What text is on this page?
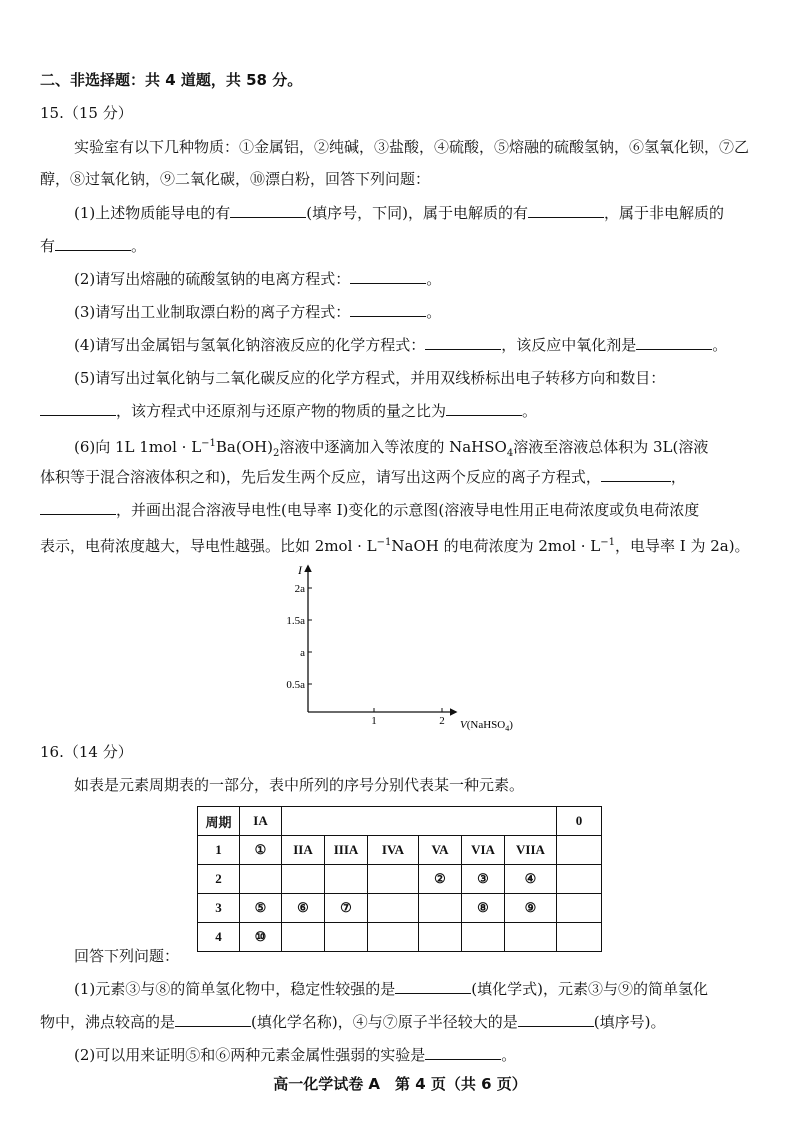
二、非选择题：共 4 道题，共 58 分。
15.（15 分）
实验室有以下几种物质：①金属铝，②纯碱，③盐酸，④硫酸，⑤熔融的硫酸氢钠，⑥氢氧化钡，⑦乙
醇，⑧过氧化钠，⑨二氧化碳，⑩漂白粉，回答下列问题：
(1)上述物质能导电的有	(填序号，下同)，属于电解质的有	，属于非电解质的
有	。
(2)请写出熔融的硫酸氢钠的电离方程式：	。
(3)请写出工业制取漂白粉的离子方程式：	。
(4)请写出金属铝与氢氧化钠溶液反应的化学方程式：	，该反应中氧化剂是	。
(5)请写出过氧化钠与二氧化碳反应的化学方程式，并用双线桥标出电子转移方向和数目：
，该方程式中还原剂与还原产物的物质的量之比为	。
(6)向 1L $1mol \cdot L^{-1}Ba(OH)_2$溶液中逐滴加入等浓度的 NaHSO$_4$溶液至溶液总体积为 3L(溶液
体积等于混合溶液体积之和)，先后发生两个反应，请写出这两个反应的离子方程式，	，
，并画出混合溶液导电性(电导率 I)变化的示意图(溶液导电性用正电荷浓度或负电荷浓度
表示，电荷浓度越大，导电性越强。比如 $2mol \cdot L^{-1}NaOH$ 的电荷浓度为 $2mol \cdot L^{-1}$，电导率 I 为 2a)。
I
2a
1.5a
a
0.5a
1	2 V(NaHSO$_4$)
16.（14 分）
如表是元素周期表的一部分，表中所列的序号分别代表某一种元素。
周期	IA							0
1	①	IIA	IIIA	IVA	VA	VIA	VIIA	
2					②	③	④	
3	⑤	⑥	⑦			⑧	⑨	
4	⑩							
回答下列问题：
(1)元素③与⑧的简单氢化物中，稳定性较强的是	(填化学式)，元素③与⑨的简单氢化
物中，沸点较高的是	(填化学名称)，④与⑦原子半径较大的是	(填序号)。
(2)可以用来证明⑤和⑥两种元素金属性强弱的实验是	。
高一化学试卷 A　第 4 页（共 6 页）
